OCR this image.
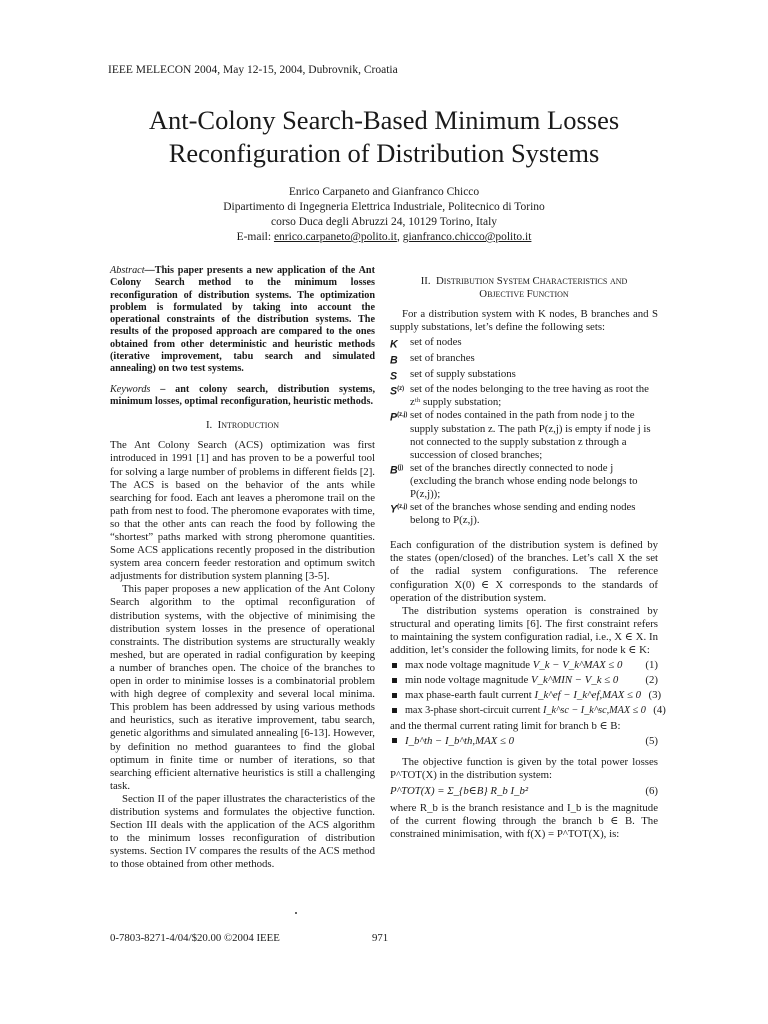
IEEE MELECON 2004, May 12-15, 2004, Dubrovnik, Croatia
Ant-Colony Search-Based Minimum Losses
Reconfiguration of Distribution Systems
Enrico Carpaneto and Gianfranco Chicco
Dipartimento di Ingegneria Elettrica Industriale, Politecnico di Torino
corso Duca degli Abruzzi 24, 10129 Torino, Italy
E-mail: enrico.carpaneto@polito.it, gianfranco.chicco@polito.it

Abstract—This paper presents a new application of the Ant Colony Search method to the minimum losses reconfiguration of distribution systems. The optimization problem is formulated by taking into account the operational constraints of the distribution systems. The results of the proposed approach are compared to the ones obtained from other deterministic and heuristic methods (iterative improvement, tabu search and simulated annealing) on two test systems.

Keywords – ant colony search, distribution systems, minimum losses, optimal reconfiguration, heuristic methods.

I. Introduction

The Ant Colony Search (ACS) optimization was first introduced in 1991 [1] and has proven to be a powerful tool for solving a large number of problems in different fields [2]. The ACS is based on the behavior of the ants while searching for food. Each ant leaves a pheromone trail on the path from nest to food. The pheromone evaporates with time, so that the other ants can reach the food by following the “shortest” paths marked with strong pheromone quantities. Some ACS applications recently proposed in the distribution system area concern feeder restoration and optimum switch adjustments for distribution system planning [3-5].

This paper proposes a new application of the Ant Colony Search algorithm to the optimal reconfiguration of distribution systems, with the objective of minimising the distribution system losses in the presence of operational constraints. The distribution systems are structurally weakly meshed, but are operated in radial configuration by keeping a number of branches open. The choice of the branches to open in order to minimise losses is a combinatorial problem with high degree of complexity and several local minima. This problem has been addressed by using various methods and heuristics, such as iterative improvement, tabu search, genetic algorithms and simulated annealing [6-13]. However, by definition no method guarantees to find the global optimum in finite time or number of iterations, so that searching efficient alternative heuristics is still a challenging task.

Section II of the paper illustrates the characteristics of the distribution systems and formulates the objective function. Section III deals with the application of the ACS algorithm to the minimum losses reconfiguration of distribution systems. Section IV compares the results of the ACS method to those obtained from other methods.

II. Distribution System Characteristics and
Objective Function

For a distribution system with K nodes, B branches and S supply substations, let’s define the following sets:

K	set of nodes
B	set of branches
S	set of supply substations
$S^{(z)}$ set of the nodes belonging to the tree having as root the zᵗʰ supply substation;
P$^{(z,j)}$ set of nodes contained in the path from node j to the supply substation z. The path P(z,j) is empty if node j is not connected to the supply substation z through a succession of closed branches;
$B^{(j)}$ set of the branches directly connected to node j (excluding the branch whose ending node belongs to P(z,j));
Y$^{(z,j)}$ set of the branches whose sending and ending nodes belong to P(z,j).

Each configuration of the distribution system is defined by the states (open/closed) of the branches. Let’s call X the set of the radial system configurations. The reference configuration X(0) ∈ X corresponds to the standards of operation of the distribution system.

The distribution systems operation is constrained by structural and operating limits [6]. The first constraint refers to maintaining the system configuration radial, i.e., X ∈ X. In addition, let’s consider the following limits, for node k ∈ K:

max node voltage magnitude V_k − V_k^MAX ≤ 0	(1)
min node voltage magnitude V_k^MIN − V_k ≤ 0	(2)
max phase-earth fault current I_k^ef − I_k^ef,MAX ≤ 0 (3)
max 3-phase short-circuit current I_k^sc − I_k^sc,MAX ≤ 0 (4)

and the thermal current rating limit for branch b ∈ B:

I_b^th − I_b^th,MAX ≤ 0	(5)

The objective function is given by the total power losses P^TOT(X) in the distribution system:

P^TOT(X) = Σ_{b∈B} R_b I_b²	(6)

where R_b is the branch resistance and I_b is the magnitude of the current flowing through the branch b ∈ B. The constrained minimisation, with f(X) = P^TOT(X), is:

0-7803-8271-4/04/$20.00 ©2004 IEEE	971
